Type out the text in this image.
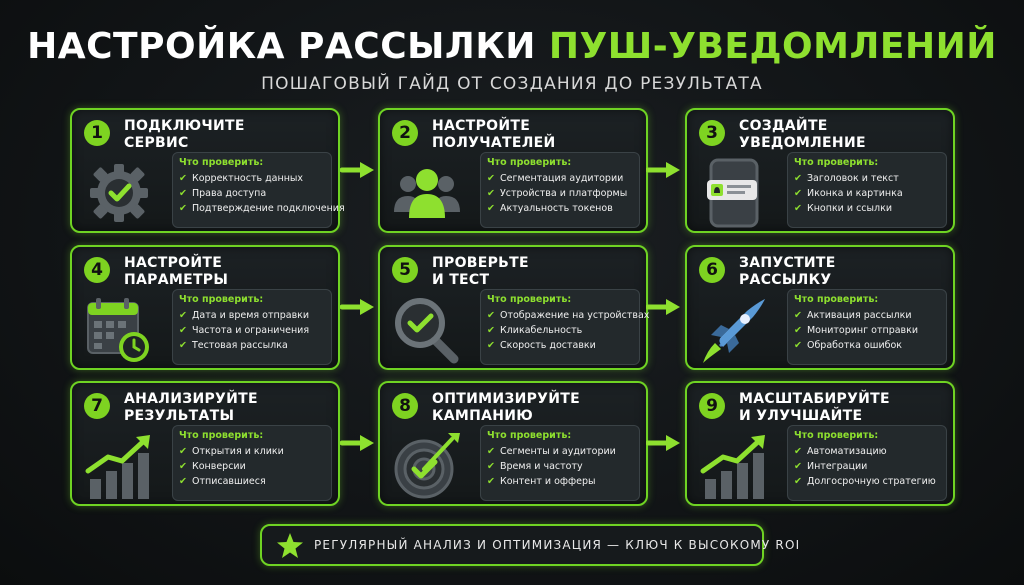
НАСТРОЙКА РАССЫЛКИ ПУШ-УВЕДОМЛЕНИЙ
ПОШАГОВЫЙ ГАЙД ОТ СОЗДАНИЯ ДО РЕЗУЛЬТАТА
1	ПОДКЛЮЧИТЕ
СЕРВИС
Что проверить:
✔ Корректность данных
✔ Права доступа
✔ Подтверждение подключения
2	НАСТРОЙТЕ
ПОЛУЧАТЕЛЕЙ
Что проверить:
✔ Сегментация аудитории
✔ Устройства и платформы
✔ Актуальность токенов
3	СОЗДАЙТЕ
УВЕДОМЛЕНИЕ
Что проверить:
✔ Заголовок и текст
✔ Иконка и картинка
✔ Кнопки и ссылки
4	НАСТРОЙТЕ
ПАРАМЕТРЫ
Что проверить:
✔ Дата и время отправки
✔ Частота и ограничения
✔ Тестовая рассылка
5	ПРОВЕРЬТЕ
И ТЕСТ
Что проверить:
✔ Отображение на устройствах
✔ Кликабельность
✔ Скорость доставки
6	ЗАПУСТИТЕ
РАССЫЛКУ
Что проверить:
✔ Активация рассылки
✔ Мониторинг отправки
✔ Обработка ошибок
7	АНАЛИЗИРУЙТЕ
РЕЗУЛЬТАТЫ
Что проверить:
✔ Открытия и клики
✔ Конверсии
✔ Отписавшиеся
8	ОПТИМИЗИРУЙТЕ
КАМПАНИЮ
Что проверить:
✔ Сегменты и аудитории
✔ Время и частоту
✔ Контент и офферы
9	МАСШТАБИРУЙТЕ
И УЛУЧШАЙТЕ
Что проверить:
✔ Автоматизацию
✔ Интеграции
✔ Долгосрочную стратегию
РЕГУЛЯРНЫЙ АНАЛИЗ И ОПТИМИЗАЦИЯ — КЛЮЧ К ВЫСОКОМУ ROI
